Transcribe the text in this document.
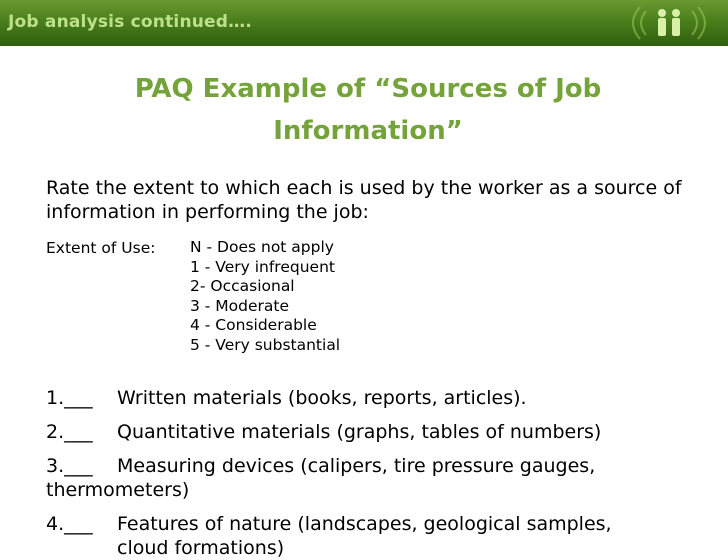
Job analysis continued….
PAQ Example of “Sources of Job Information”
Rate the extent to which each is used by the worker as a source of information in performing the job:
Extent of Use: N - Does not apply
1 - Very infrequent
2- Occasional
3 - Moderate
4 - Considerable
5 - Very substantial
1.___ Written materials (books, reports, articles).
2.___ Quantitative materials (graphs, tables of numbers)
3.___ Measuring devices (calipers, tire pressure gauges,
thermometers)
4.___ Features of nature (landscapes, geological samples,
cloud formations)
